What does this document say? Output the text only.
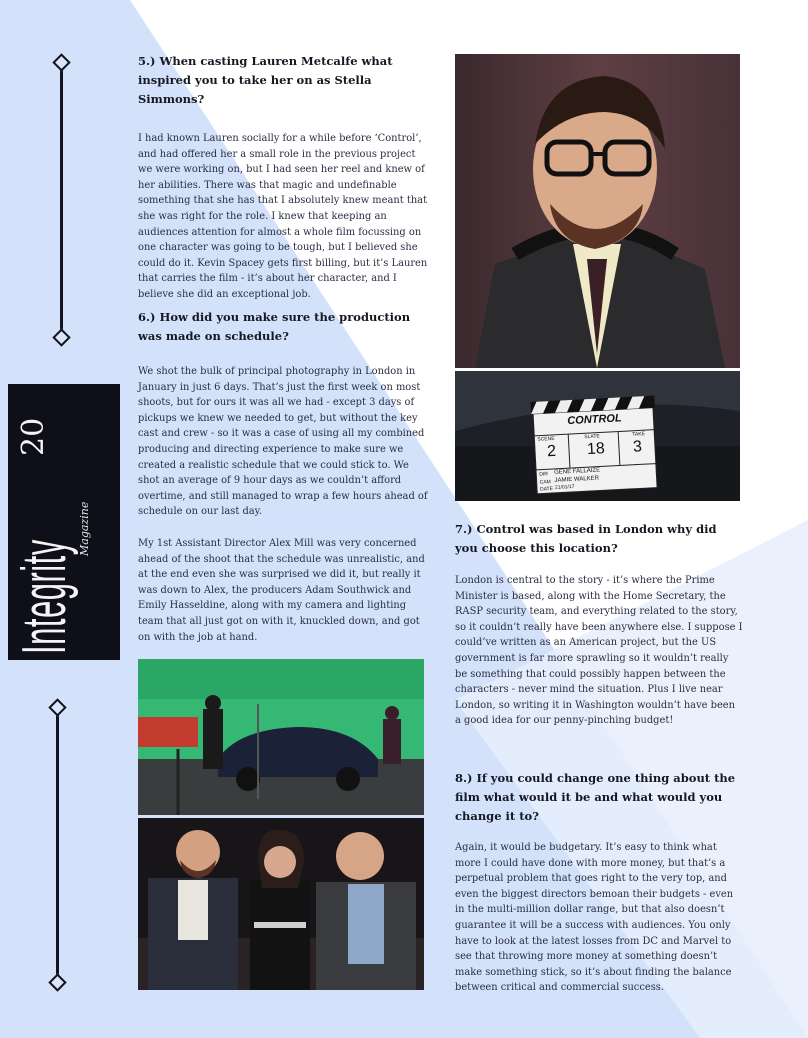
Integrity
Magazine
20
5.) When casting Lauren Metcalfe what inspired you to take her on as Stella Simmons?

I had known Lauren socially for a while before ‘Control’, and had offered her a small role in the previous project we were working on, but I had seen her reel and knew of her abilities. There was that magic and undefinable something that she has that I absolutely knew meant that she was right for the role. I knew that keeping an audiences attention for almost a whole film focussing on one character was going to be tough, but I believed she could do it. Kevin Spacey gets first billing, but it’s Lauren that carries the film - it’s about her character, and I believe she did an exceptional job.

6.) How did you make sure the production was made on schedule?

We shot the bulk of principal photography in London in January in just 6 days. That’s just the first week on most shoots, but for ours it was all we had - except 3 days of pickups we knew we needed to get, but without the key cast and crew - so it was a case of using all my combined producing and directing experience to make sure we created a realistic schedule that we could stick to. We shot an average of 9 hour days as we couldn’t afford overtime, and still managed to wrap a few hours ahead of schedule on our last day.

My 1st Assistant Director Alex Mill was very concerned ahead of the shoot that the schedule was unrealistic, and at the end even she was surprised we did it, but really it was down to Alex, the producers Adam Southwick and Emily Hasseldine, along with my camera and lighting team that all just got on with it, knuckled down, and got on with the job at hand.

7.) Control was based in London why did you choose this location?

London is central to the story - it’s where the Prime Minister is based, along with the Home Secretary, the RASP security team, and everything related to the story, so it couldn’t really have been anywhere else. I suppose I could’ve written as an American project, but the US government is far more sprawling so it wouldn’t really be something that could possibly happen between the characters - never mind the situation. Plus I live near London, so writing it in Washington wouldn’t have been a good idea for our penny-pinching budget!

8.) If you could change one thing about the film what would it be and what would you change it to?

Again, it would be budgetary. It’s easy to think what more I could have done with more money, but that’s a perpetual problem that goes right to the very top, and even the biggest directors bemoan their budgets - even in the multi-million dollar range, but that also doesn’t guarantee it will be a success with audiences. You only have to look at the latest losses from DC and Marvel to see that throwing more money at something doesn’t make something stick, so it’s about finding the balance between critical and commercial success.

CONTROL
SCENE	SLATE	TAKE
2 18 3
DIR GENE FALLAIZE
CAM JAMIE WALKER
DATE 21/01/17
